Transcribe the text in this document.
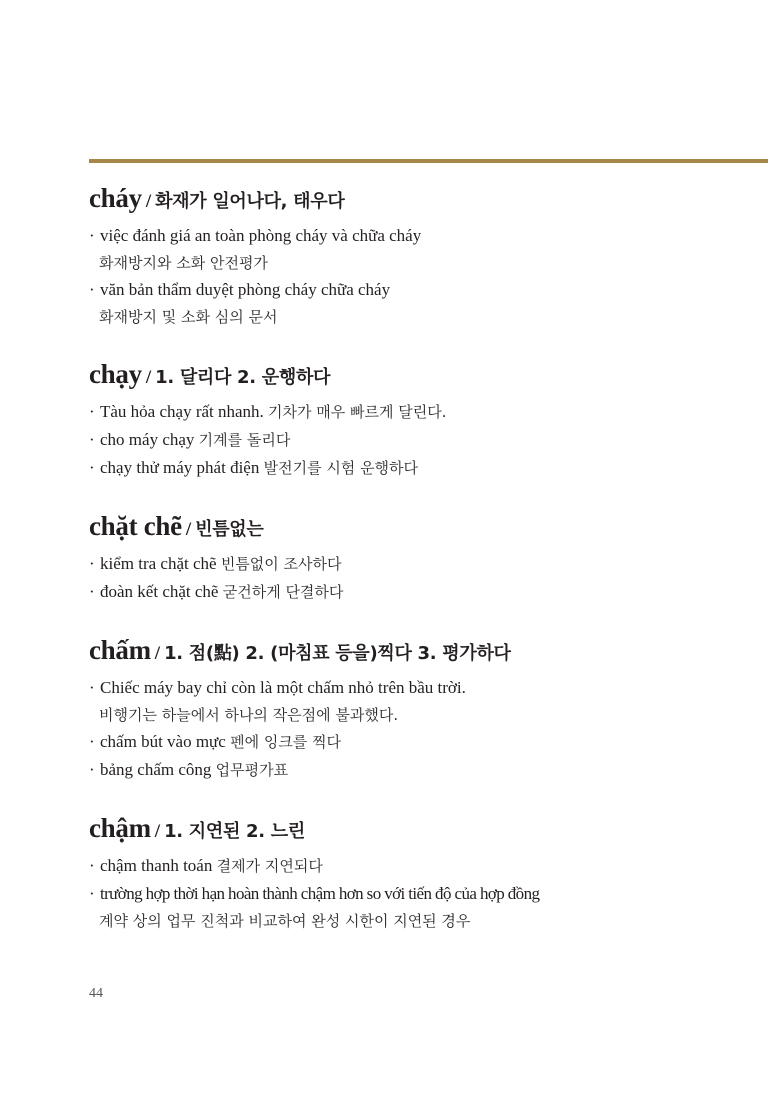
cháy / 화재가 일어나다, 태우다
· việc đánh giá an toàn phòng cháy và chữa cháy
화재방지와 소화 안전평가
· văn bản thẩm duyệt phòng cháy chữa cháy
화재방지 및 소화 심의 문서
chạy / 1. 달리다 2. 운행하다
· Tàu hỏa chạy rất nhanh. 기차가 매우 빠르게 달린다.
· cho máy chạy 기계를 돌리다
· chạy thử máy phát điện 발전기를 시험 운행하다
chặt chẽ / 빈틈없는
· kiểm tra chặt chẽ 빈틈없이 조사하다
· đoàn kết chặt chẽ 굳건하게 단결하다
chấm / 1. 점(點) 2. (마침표 등을)찍다 3. 평가하다
· Chiếc máy bay chỉ còn là một chấm nhỏ trên bầu trời.
비행기는 하늘에서 하나의 작은점에 불과했다.
· chấm bút vào mực 펜에 잉크를 찍다
· bảng chấm công 업무평가표
chậm / 1. 지연된 2. 느린
· chậm thanh toán 결제가 지연되다
· trường hợp thời hạn hoàn thành chậm hơn so với tiến độ của hợp đồng
계약 상의 업무 진척과 비교하여 완성 시한이 지연된 경우
44
